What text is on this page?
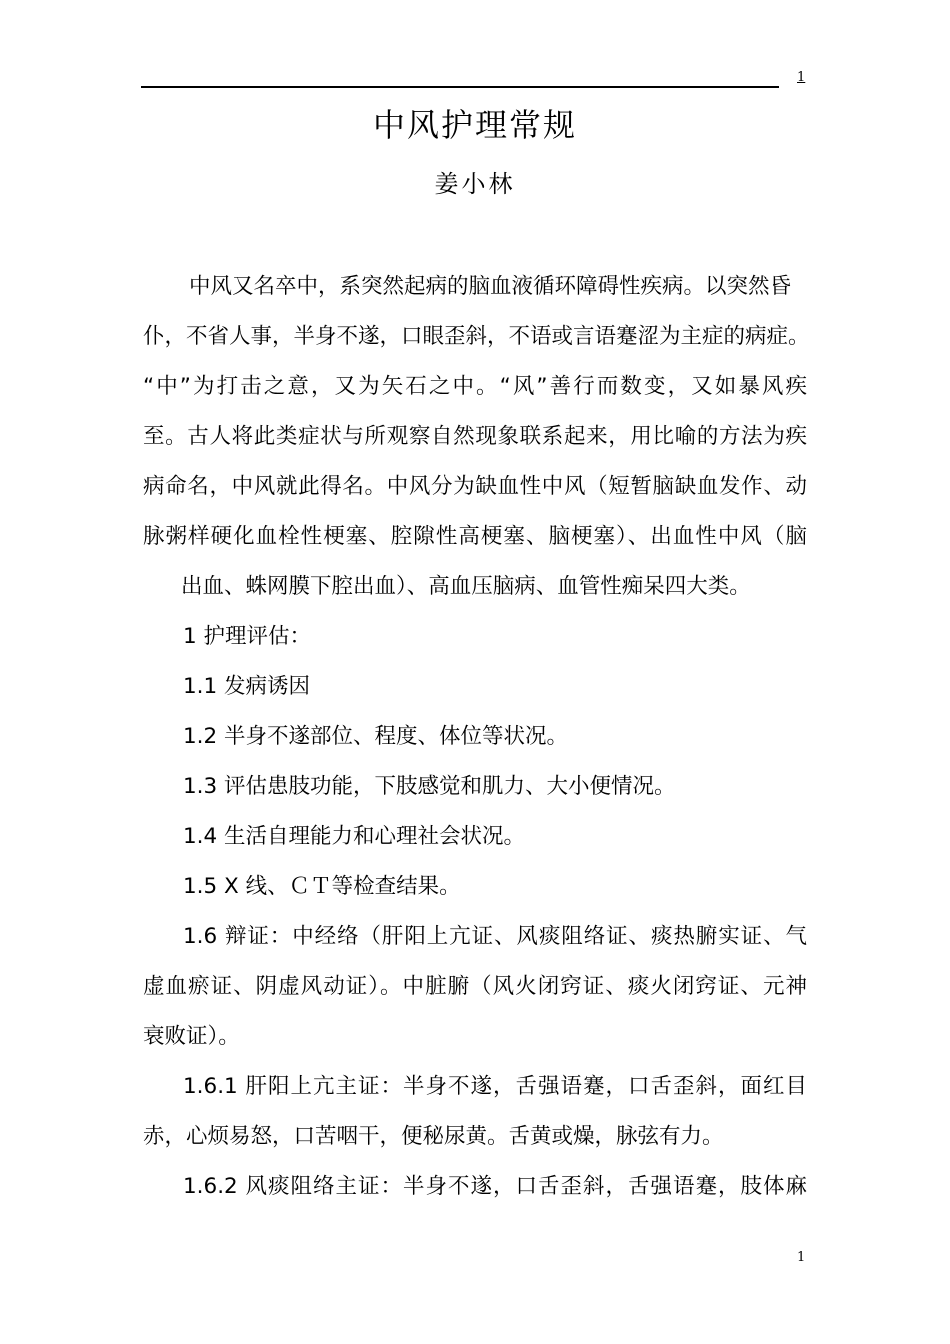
1
中风护理常规
姜小林
中风又名卒中，系突然起病的脑血液循环障碍性疾病。以突然昏
仆，不省人事，半身不遂，口眼歪斜，不语或言语蹇涩为主症的病症。
“中”为打击之意，又为矢石之中。“风”善行而数变，又如暴风疾
至。古人将此类症状与所观察自然现象联系起来，用比喻的方法为疾
病命名，中风就此得名。中风分为缺血性中风（短暂脑缺血发作、动
脉粥样硬化血栓性梗塞、腔隙性高梗塞、脑梗塞）、出血性中风（脑
出血、蛛网膜下腔出血）、高血压脑病、血管性痴呆四大类。
1 护理评估：
1.1 发病诱因
1.2 半身不遂部位、程度、体位等状况。
1.3 评估患肢功能，下肢感觉和肌力、大小便情况。
1.4 生活自理能力和心理社会状况。
1.5 X 线、ＣＴ等检查结果。
1.6 辩证：中经络（肝阳上亢证、风痰阻络证、痰热腑实证、气
虚血瘀证、阴虚风动证）。中脏腑（风火闭窍证、痰火闭窍证、元神
衰败证）。
1.6.1 肝阳上亢主证：半身不遂，舌强语蹇，口舌歪斜，面红目
赤，心烦易怒，口苦咽干，便秘尿黄。舌黄或燥，脉弦有力。
1.6.2 风痰阻络主证：半身不遂，口舌歪斜，舌强语蹇，肢体麻
1
